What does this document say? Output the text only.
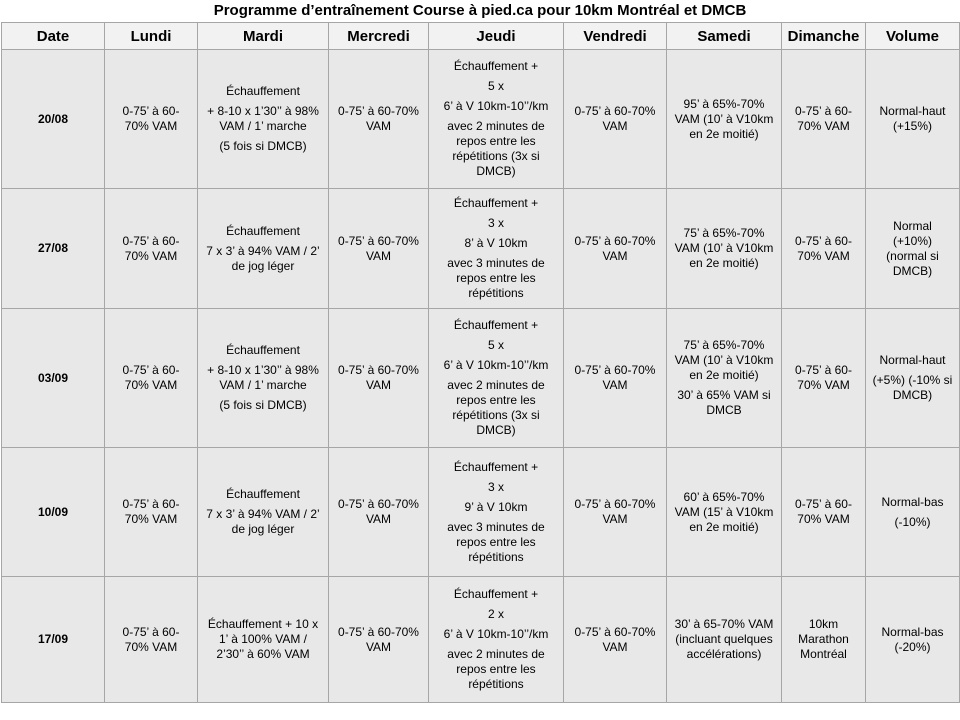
Programme d’entraînement Course à pied.ca pour 10km Montréal et DMCB
Date	Lundi	Mardi	Mercredi	Jeudi	Vendredi	Samedi	Dimanche	Volume
20/08	0-75’ à 60-70% VAM	Échauffement
+ 8-10 x 1’30’’ à 98% VAM / 1’ marche
(5 fois si DMCB)	0-75’ à 60-70% VAM	Échauffement +
5 x
6’ à V 10km-10’’/km
avec 2 minutes de repos entre les répétitions (3x si DMCB)	0-75’ à 60-70% VAM	95’ à 65%-70% VAM (10’ à V10km en 2e moitié)	0-75’ à 60-70% VAM	Normal-haut (+15%)

27/08	0-75’ à 60-70% VAM	Échauffement
7 x 3’ à 94% VAM / 2’ de jog léger	0-75’ à 60-70% VAM	Échauffement +
3 x
8’ à V 10km
avec 3 minutes de repos entre les répétitions	0-75’ à 60-70% VAM	75’ à 65%-70% VAM (10’ à V10km en 2e moitié)	0-75’ à 60-70% VAM	Normal (+10%) (normal si DMCB)

03/09	0-75’ à 60-70% VAM	Échauffement
+ 8-10 x 1’30’’ à 98% VAM / 1’ marche
(5 fois si DMCB)	0-75’ à 60-70% VAM	Échauffement +
5 x
6’ à V 10km-10’’/km
avec 2 minutes de repos entre les répétitions (3x si DMCB)	0-75’ à 60-70% VAM	75’ à 65%-70% VAM (10’ à V10km en 2e moitié)
30’ à 65% VAM si DMCB	0-75’ à 60-70% VAM	Normal-haut
(+5%) (-10% si DMCB)

10/09	0-75’ à 60-70% VAM	Échauffement
7 x 3’ à 94% VAM / 2’ de jog léger	0-75’ à 60-70% VAM	Échauffement +
3 x
9’ à V 10km
avec 3 minutes de repos entre les répétitions	0-75’ à 60-70% VAM	60’ à 65%-70% VAM (15’ à V10km en 2e moitié)	0-75’ à 60-70% VAM	Normal-bas
(-10%)

17/09	0-75’ à 60-70% VAM	Échauffement + 10 x 1’ à 100% VAM / 2’30’’ à 60% VAM	0-75’ à 60-70% VAM	Échauffement +
2 x
6’ à V 10km-10’’/km
avec 2 minutes de repos entre les répétitions	0-75’ à 60-70% VAM	30’ à 65-70% VAM (incluant quelques accélérations)	10km Marathon Montréal	Normal-bas (-20%)
